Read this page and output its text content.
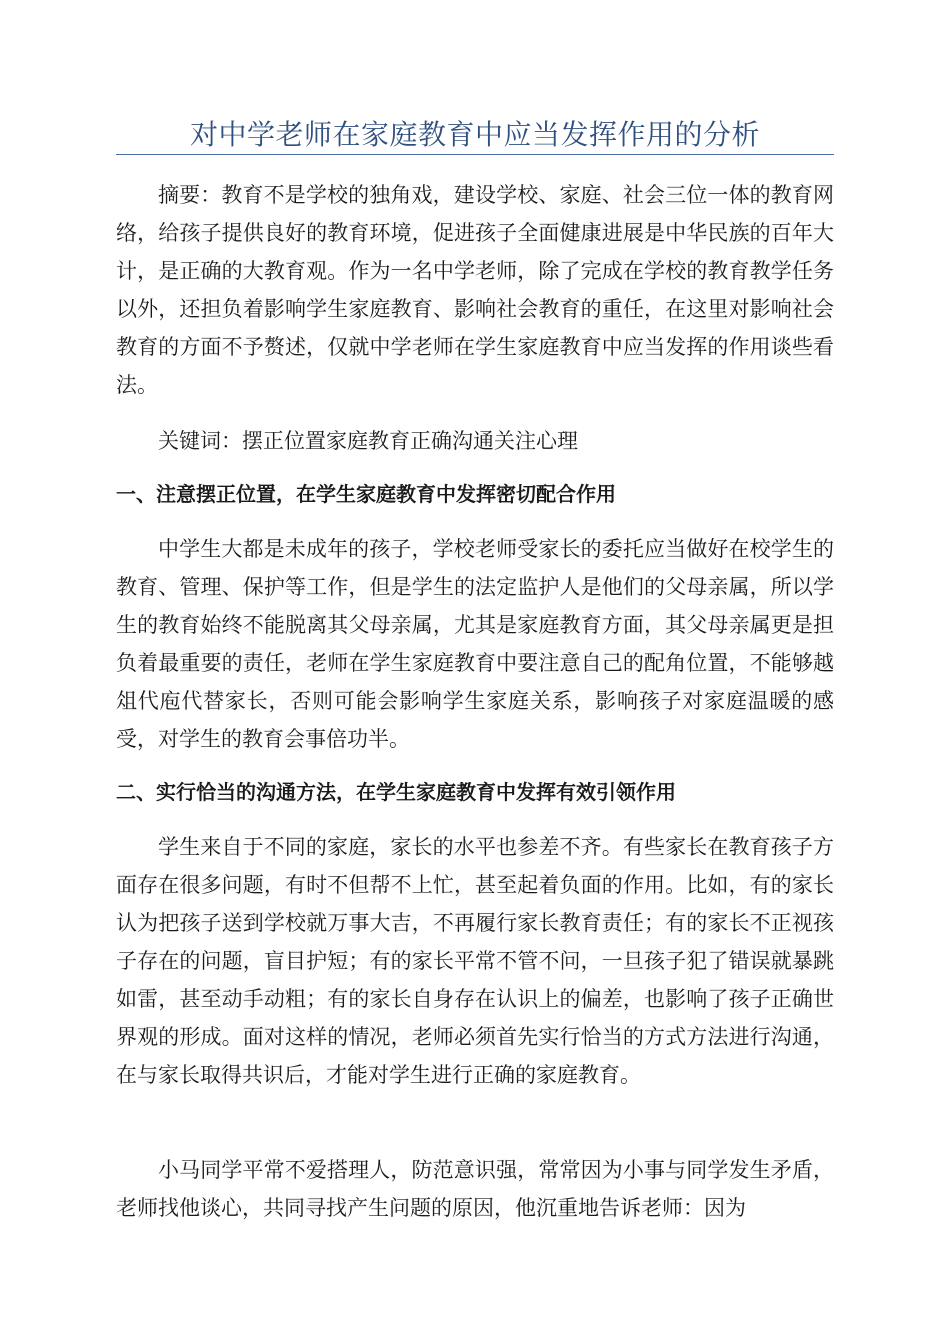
对中学老师在家庭教育中应当发挥作用的分析

摘要：教育不是学校的独角戏，建设学校、家庭、社会三位一体的教育网络，给孩子提供良好的教育环境，促进孩子全面健康进展是中华民族的百年大计，是正确的大教育观。作为一名中学老师，除了完成在学校的教育教学任务以外，还担负着影响学生家庭教育、影响社会教育的重任，在这里对影响社会教育的方面不予赘述，仅就中学老师在学生家庭教育中应当发挥的作用谈些看法。

关键词：摆正位置家庭教育正确沟通关注心理

一、注意摆正位置，在学生家庭教育中发挥密切配合作用

中学生大都是未成年的孩子，学校老师受家长的委托应当做好在校学生的教育、管理、保护等工作，但是学生的法定监护人是他们的父母亲属，所以学生的教育始终不能脱离其父母亲属，尤其是家庭教育方面，其父母亲属更是担负着最重要的责任，老师在学生家庭教育中要注意自己的配角位置，不能够越俎代庖代替家长，否则可能会影响学生家庭关系，影响孩子对家庭温暖的感受，对学生的教育会事倍功半。

二、实行恰当的沟通方法，在学生家庭教育中发挥有效引领作用

学生来自于不同的家庭，家长的水平也参差不齐。有些家长在教育孩子方面存在很多问题，有时不但帮不上忙，甚至起着负面的作用。比如，有的家长认为把孩子送到学校就万事大吉，不再履行家长教育责任；有的家长不正视孩子存在的问题，盲目护短；有的家长平常不管不问，一旦孩子犯了错误就暴跳如雷，甚至动手动粗；有的家长自身存在认识上的偏差，也影响了孩子正确世界观的形成。面对这样的情况，老师必须首先实行恰当的方式方法进行沟通，在与家长取得共识后，才能对学生进行正确的家庭教育。

小马同学平常不爱搭理人，防范意识强，常常因为小事与同学发生矛盾，老师找他谈心，共同寻找产生问题的原因，他沉重地告诉老师：因为
